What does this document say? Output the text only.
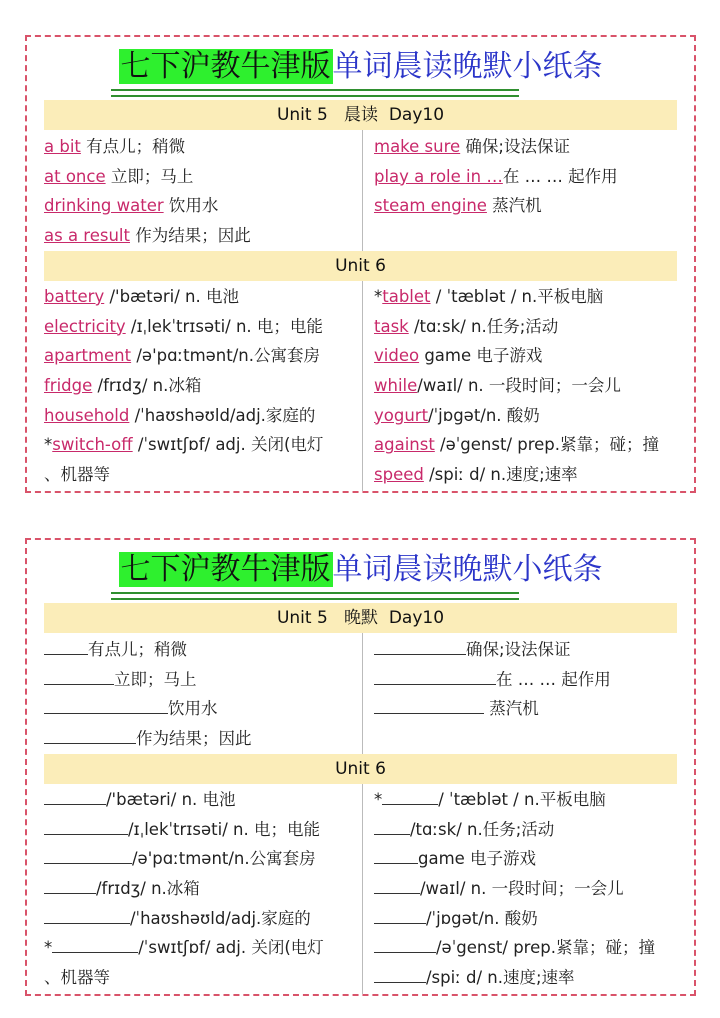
七下沪教牛津版单词晨读晚默小纸条
Unit 5   晨读  Day10
a bit 有点儿；稍微
at once 立即；马上
drinking water 饮用水
as a result 作为结果；因此
make sure 确保;设法保证
play a role in …在 … … 起作用
steam engine 蒸汽机
Unit 6
battery /'bætəri/ n. 电池
electricity /ɪˌlekˈtrɪsəti/ n. 电；电能
apartment /ə'pɑːtmənt/n.公寓套房
fridge /frɪdʒ/ n.冰箱
household /ˈhaʊshəʊld/adj.家庭的
*switch-off /ˈswɪtʃɒf/ adj. 关闭(电灯
、机器等
*tablet / ˈtæblət / n.平板电脑
task /tɑːsk/ n.任务;活动
video game 电子游戏
while/waɪl/ n. 一段时间；一会儿
yogurt/ˈjɒgət/n. 酸奶
against /əˈgenst/ prep.紧靠；碰；撞
speed /spiː d/ n.速度;速率
七下沪教牛津版单词晨读晚默小纸条
Unit 5   晚默  Day10
有点儿；稍微
立即；马上
饮用水
作为结果；因此
确保;设法保证
在 … … 起作用
蒸汽机
Unit 6
/'bætəri/ n. 电池
/ɪˌlekˈtrɪsəti/ n. 电；电能
/ə'pɑːtmənt/n.公寓套房
/frɪdʒ/ n.冰箱
/ˈhaʊshəʊld/adj.家庭的
*	/ˈswɪtʃɒf/ adj. 关闭(电灯
、机器等
*	/ ˈtæblət / n.平板电脑
/tɑːsk/ n.任务;活动
game 电子游戏
/waɪl/ n. 一段时间；一会儿
/ˈjɒgət/n. 酸奶
/əˈgenst/ prep.紧靠；碰；撞
/spiː d/ n.速度;速率
